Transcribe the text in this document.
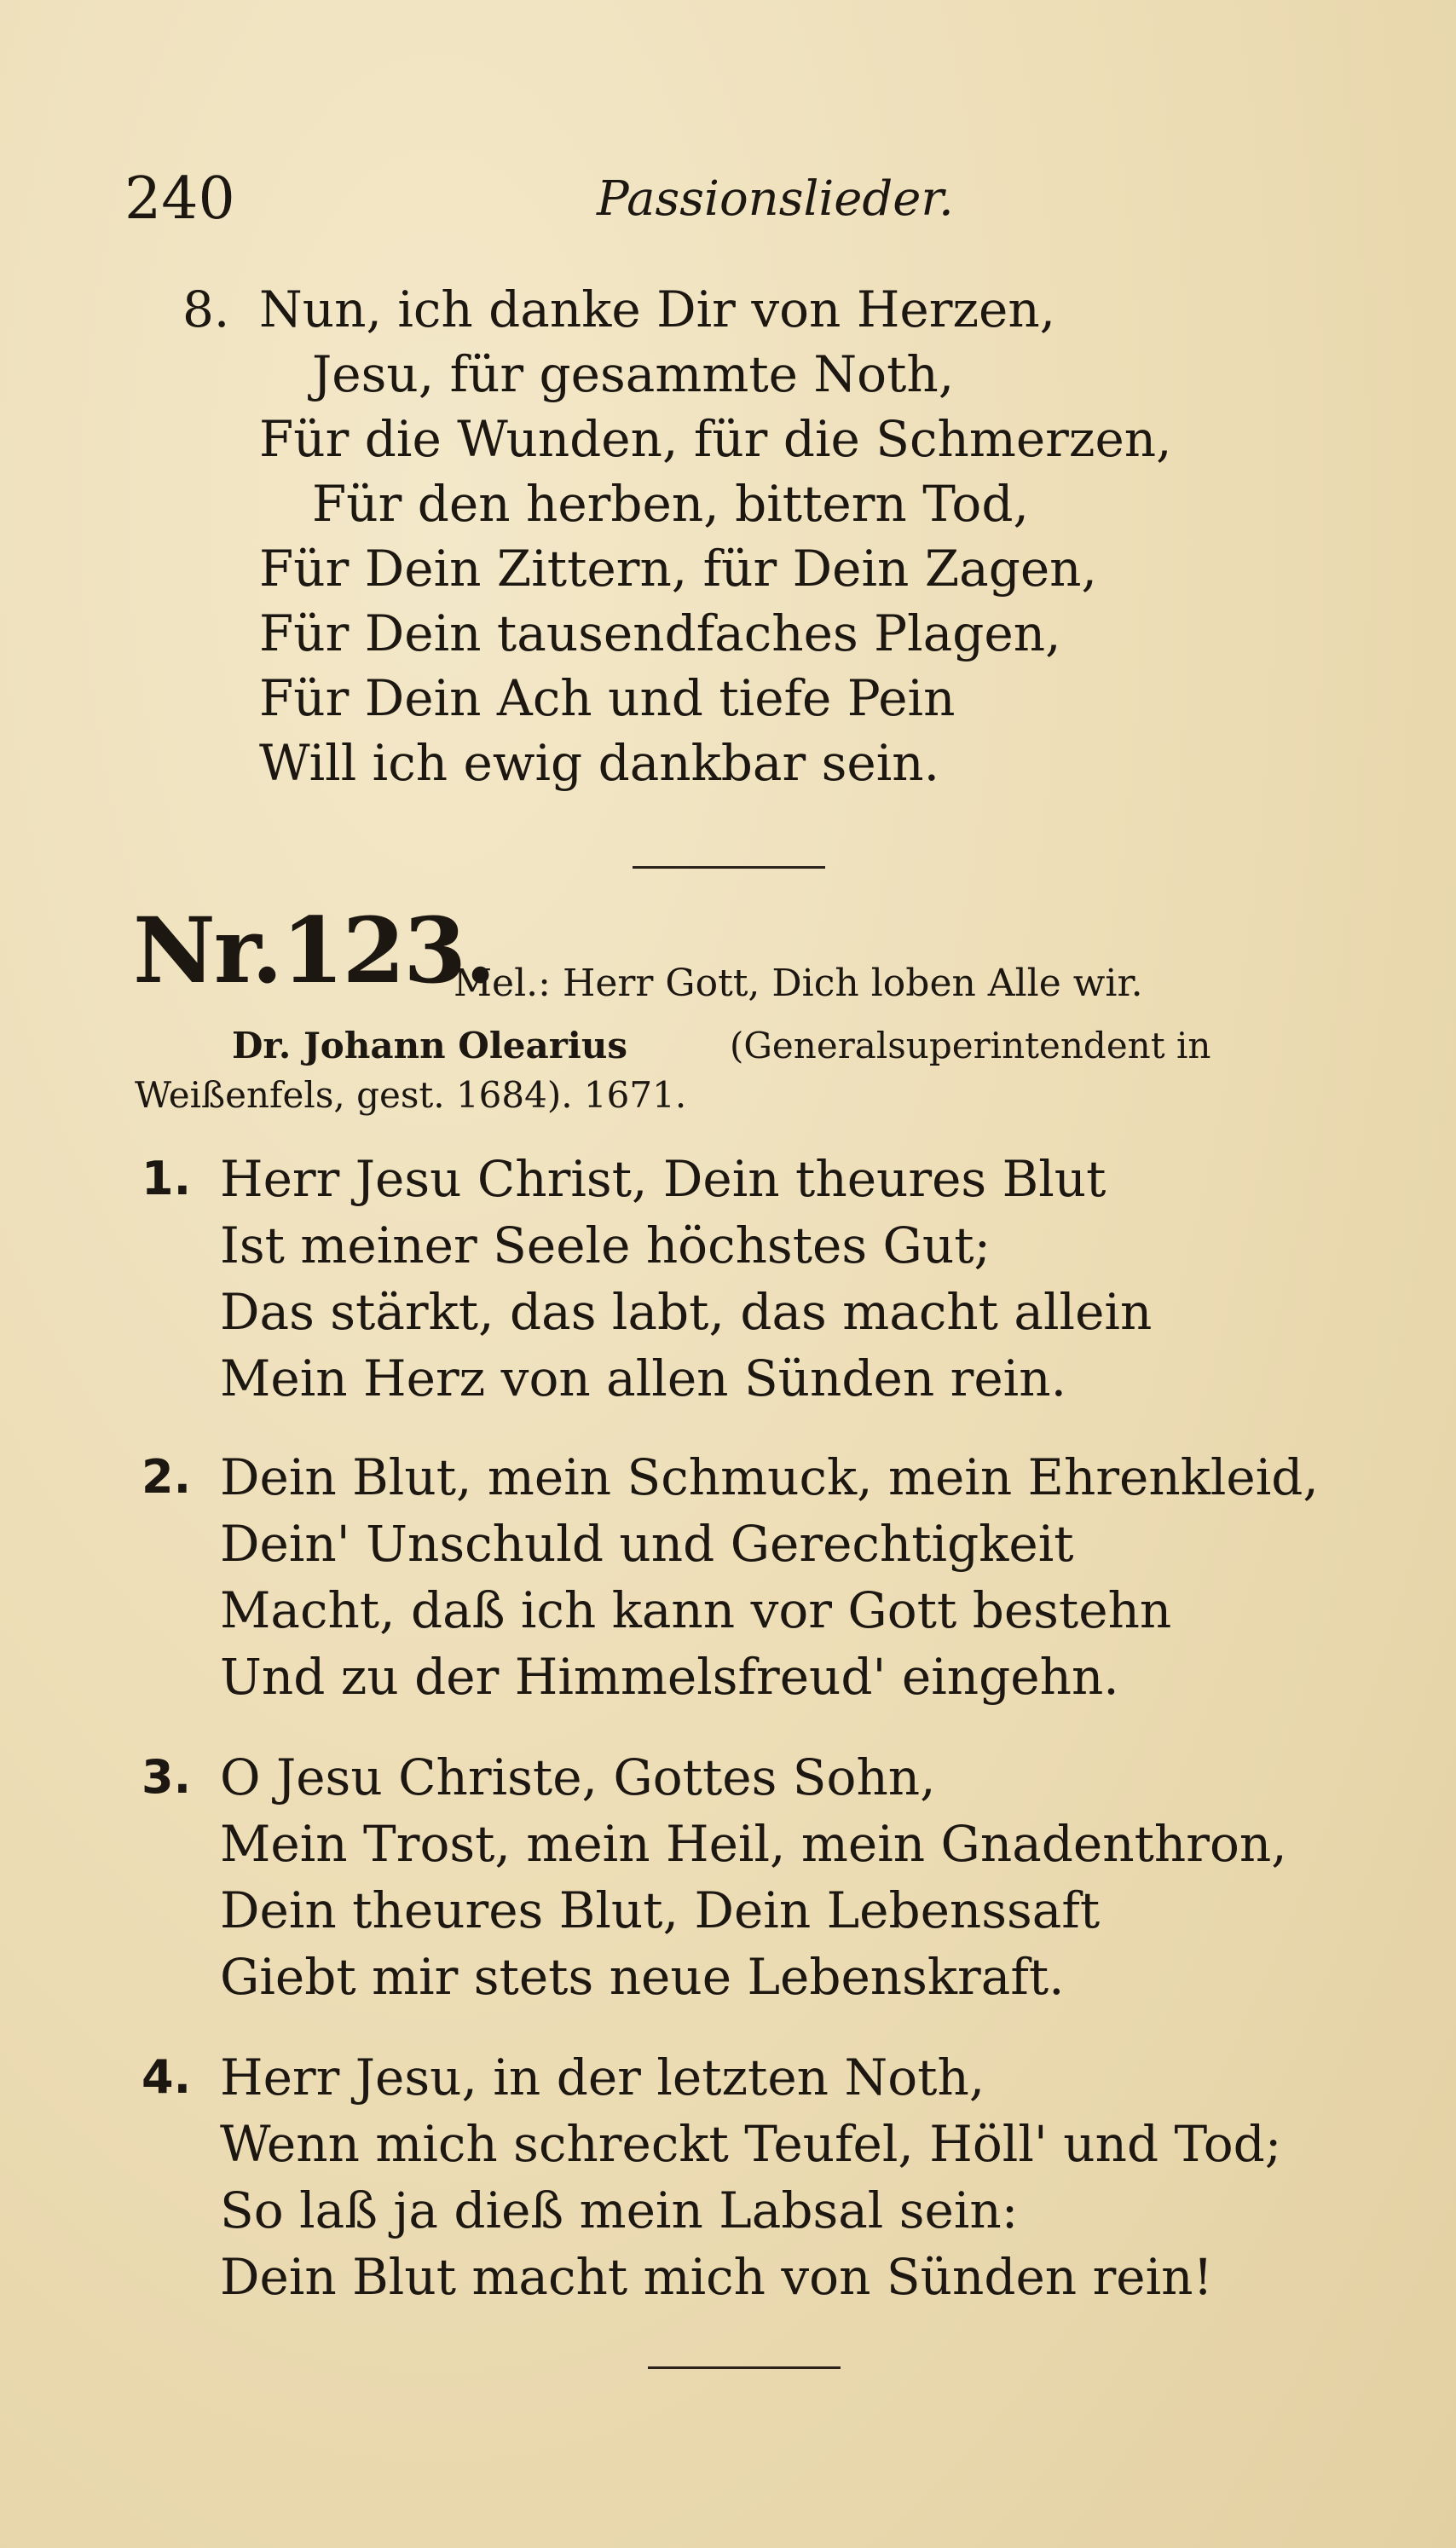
240	Passionslieder.
8. Nun, ich danke Dir von Herzen,
Jesu, für gesammte Noth,
Für die Wunden, für die Schmerzen,
Für den herben, bittern Tod,
Für Dein Zittern, für Dein Zagen,
Für Dein tausendfaches Plagen,
Für Dein Ach und tiefe Pein
Will ich ewig dankbar sein.
Nr.123.
Mel.: Herr Gott, Dich loben Alle wir.
Dr. Johann Olearius	(Generalsuperintendent in
Weißenfels, gest. 1684). 1671.
1. Herr Jesu Christ, Dein theures Blut
Ist meiner Seele höchstes Gut;
Das stärkt, das labt, das macht allein
Mein Herz von allen Sünden rein.
2. Dein Blut, mein Schmuck, mein Ehrenkleid,
Dein' Unschuld und Gerechtigkeit
Macht, daß ich kann vor Gott bestehn
Und zu der Himmelsfreud' eingehn.
3. O Jesu Christe, Gottes Sohn,
Mein Trost, mein Heil, mein Gnadenthron,
Dein theures Blut, Dein Lebenssaft
Giebt mir stets neue Lebenskraft.
4. Herr Jesu, in der letzten Noth,
Wenn mich schreckt Teufel, Höll' und Tod;
So laß ja dieß mein Labsal sein:
Dein Blut macht mich von Sünden rein!
